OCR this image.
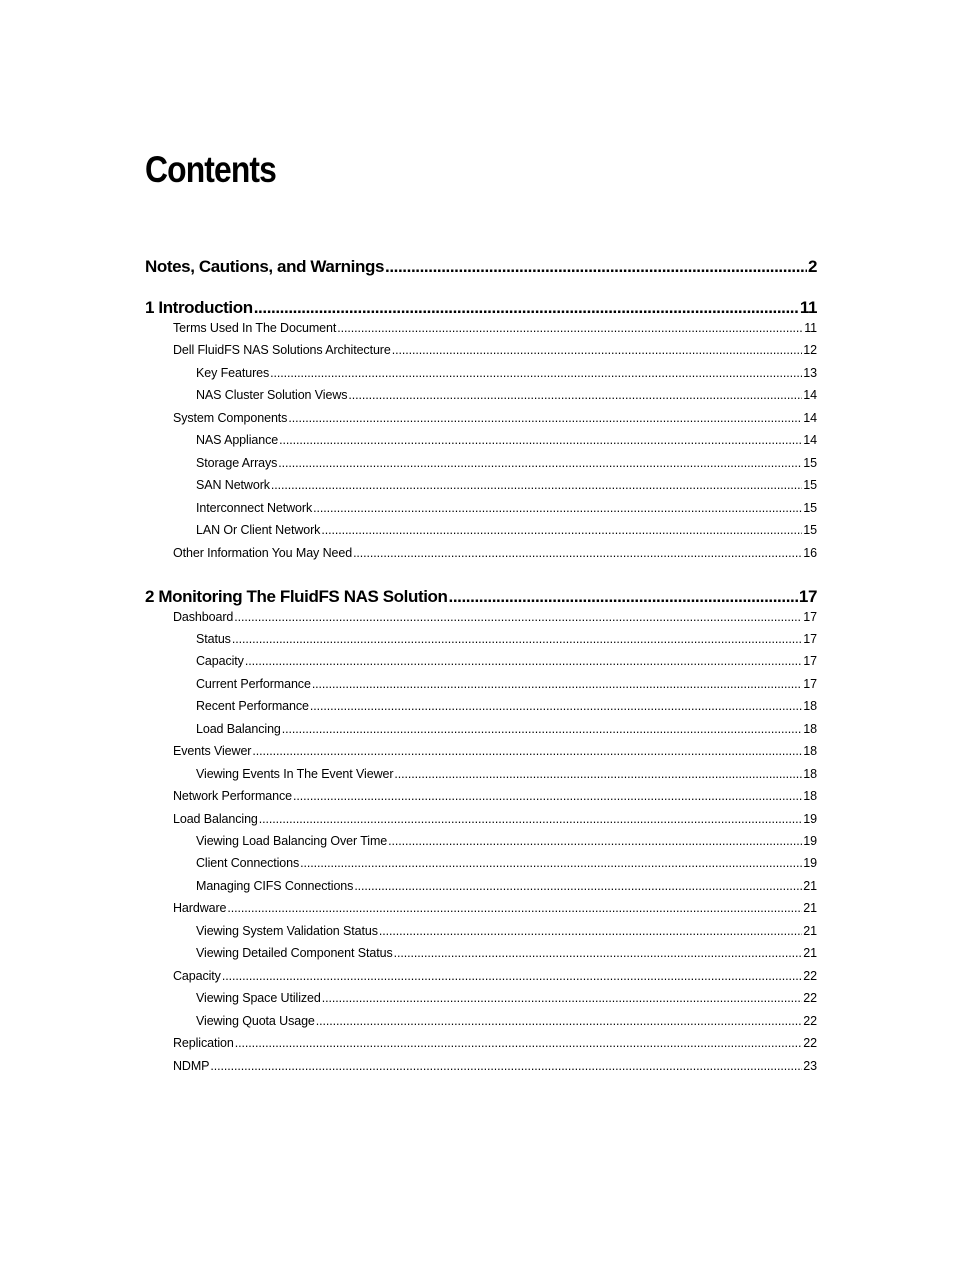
Contents
Notes, Cautions, and Warnings .....	2
1 Introduction .....	11
Terms Used In The Document .....	11
Dell FluidFS NAS Solutions Architecture .....	12
Key Features .....	13
NAS Cluster Solution Views .....	14
System Components .....	14
NAS Appliance .....	14
Storage Arrays .....	15
SAN Network .....	15
Interconnect Network .....	15
LAN Or Client Network .....	15
Other Information You May Need .....	16
2 Monitoring The FluidFS NAS Solution .....	17
Dashboard .....	17
Status .....	17
Capacity .....	17
Current Performance .....	17
Recent Performance .....	18
Load Balancing .....	18
Events Viewer .....	18
Viewing Events In The Event Viewer .....	18
Network Performance .....	18
Load Balancing .....	19
Viewing Load Balancing Over Time .....	19
Client Connections .....	19
Managing CIFS Connections .....	21
Hardware .....	21
Viewing System Validation Status .....	21
Viewing Detailed Component Status .....	21
Capacity .....	22
Viewing Space Utilized .....	22
Viewing Quota Usage .....	22
Replication .....	22
NDMP .....	23
